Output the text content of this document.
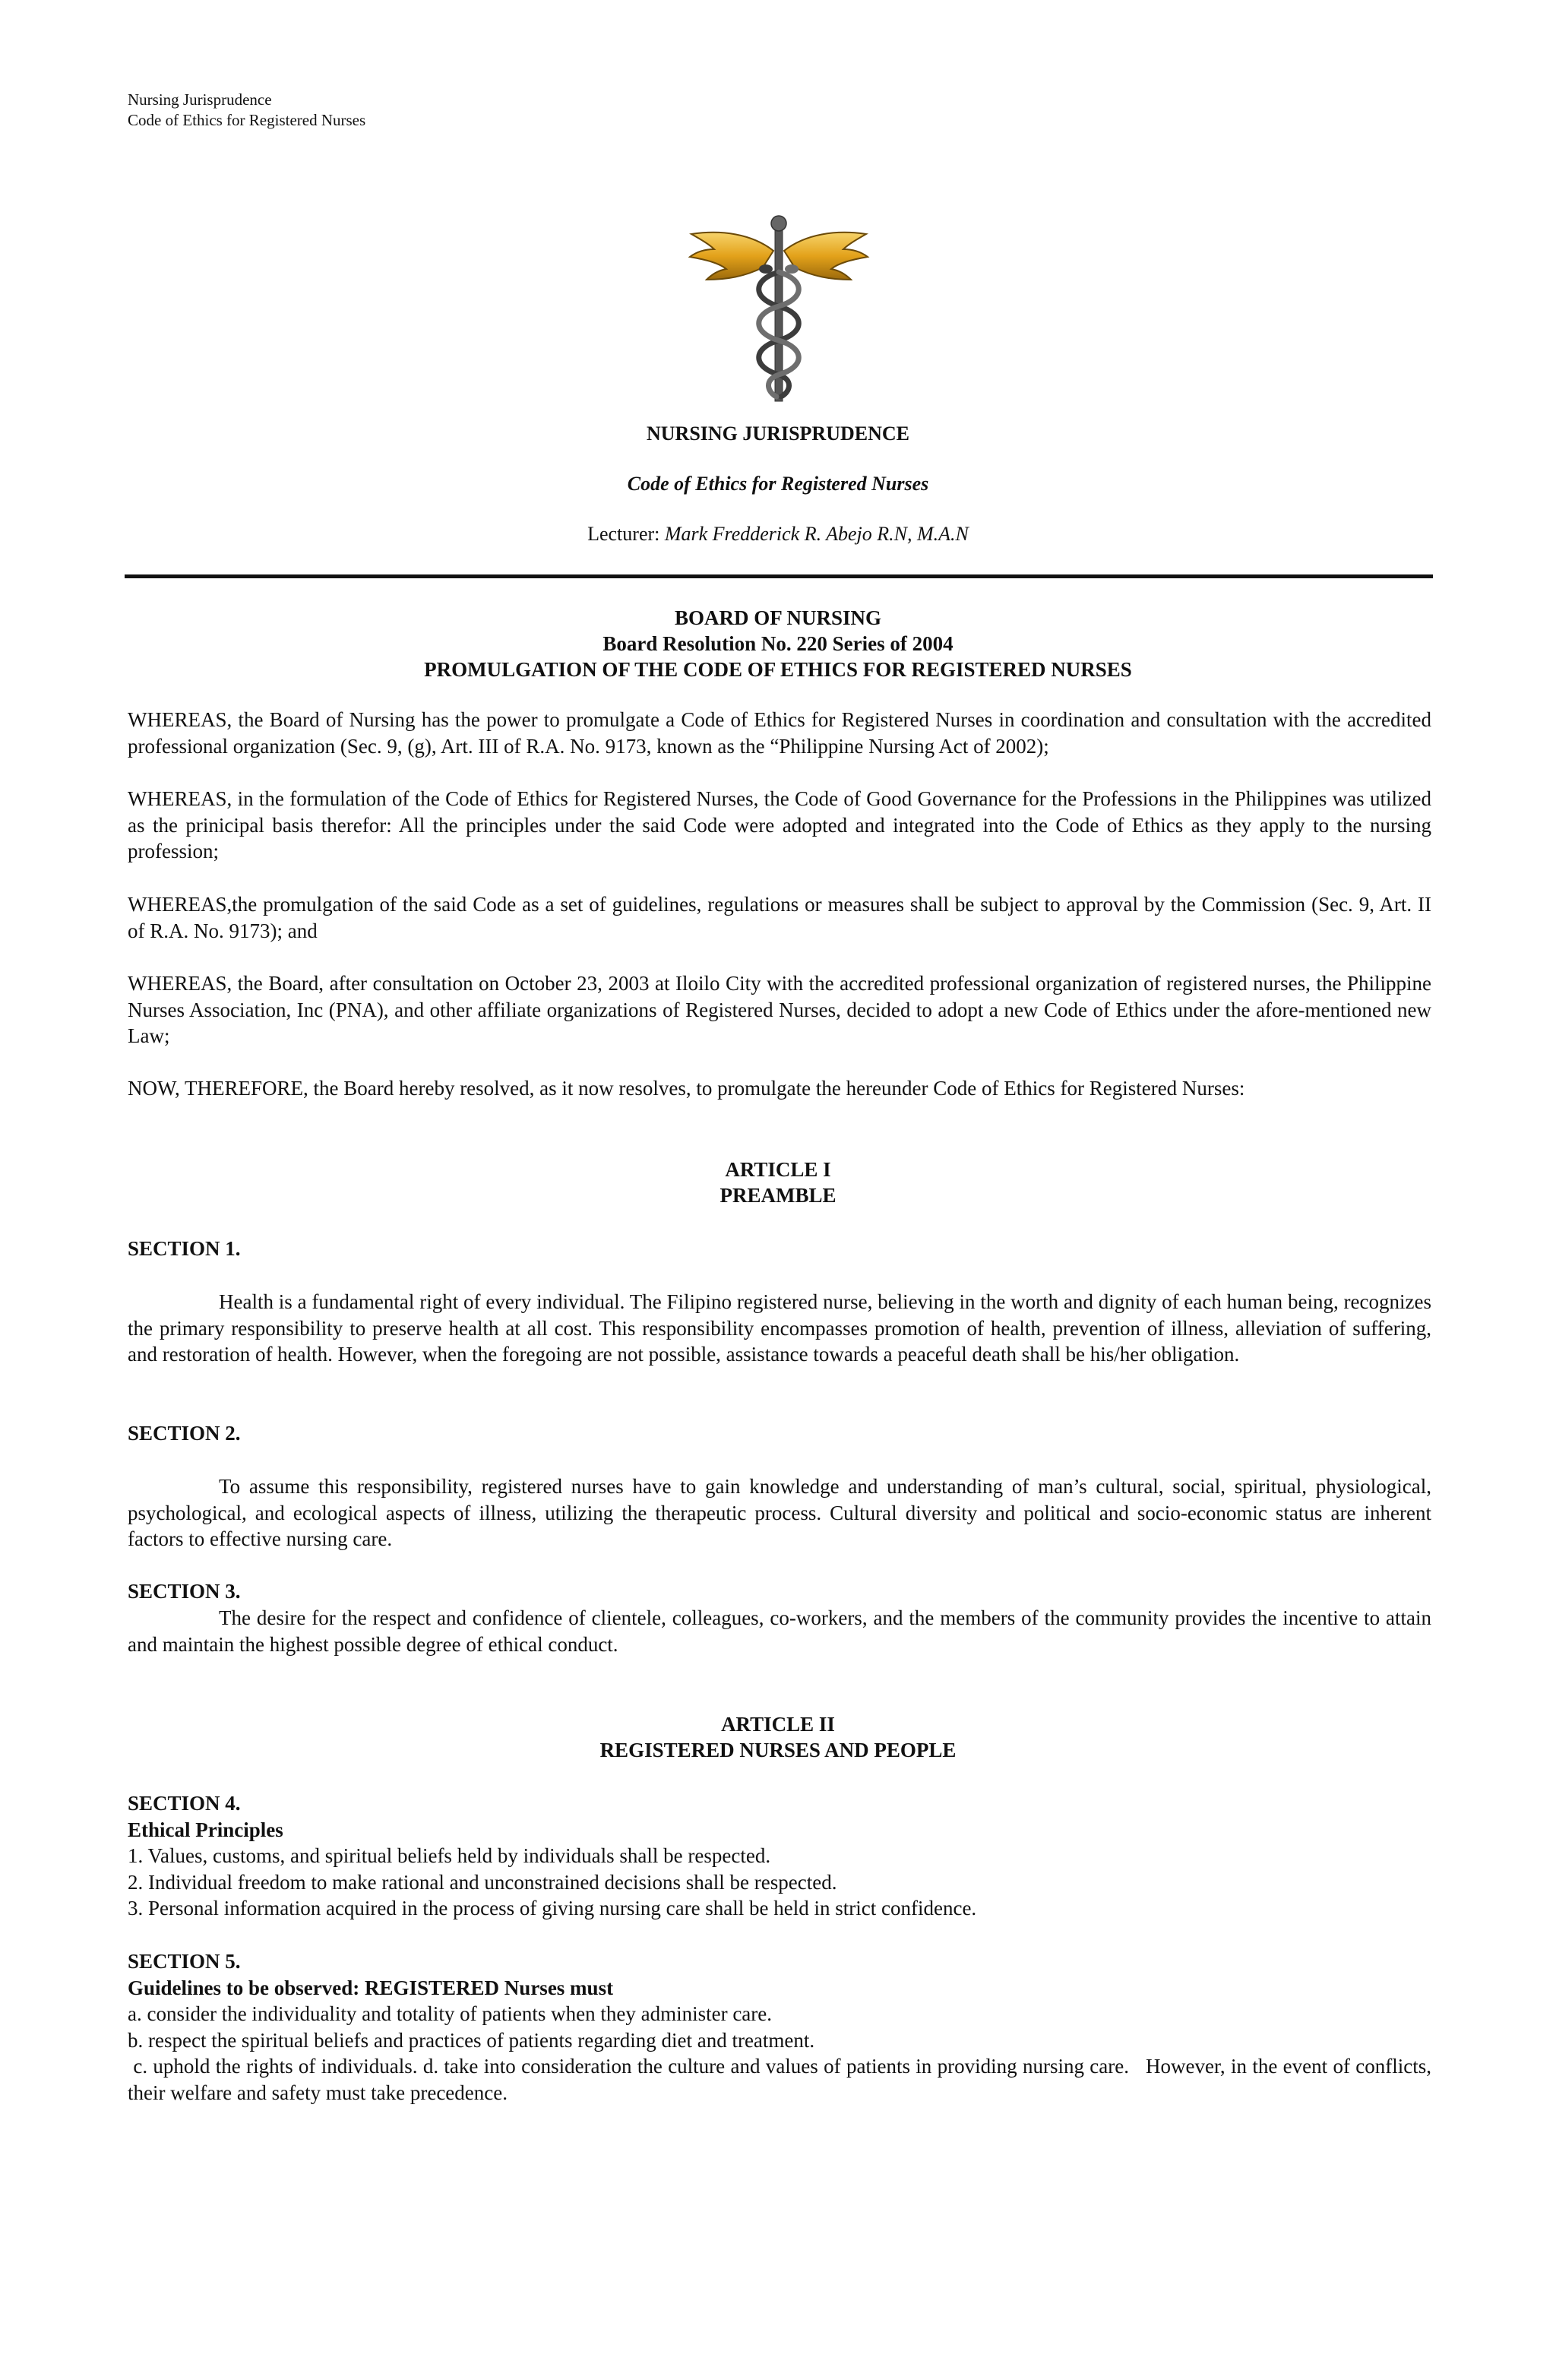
Nursing Jurisprudence
Code of Ethics for Registered Nurses
NURSING JURISPRUDENCE
Code of Ethics for Registered Nurses
Lecturer: Mark Fredderick R. Abejo R.N, M.A.N
BOARD OF NURSING
Board Resolution No. 220 Series of 2004
PROMULGATION OF THE CODE OF ETHICS FOR REGISTERED NURSES
WHEREAS, the Board of Nursing has the power to promulgate a Code of Ethics for Registered Nurses in coordination and consultation with the accredited professional organization (Sec. 9, (g), Art. III of R.A. No. 9173, known as the “Philippine Nursing Act of 2002);
WHEREAS, in the formulation of the Code of Ethics for Registered Nurses, the Code of Good Governance for the Professions in the Philippines was utilized as the prinicipal basis therefor: All the principles under the said Code were adopted and integrated into the Code of Ethics as they apply to the nursing profession;
WHEREAS,the promulgation of the said Code as a set of guidelines, regulations or measures shall be subject to approval by the Commission (Sec. 9, Art. II of R.A. No. 9173); and
WHEREAS, the Board, after consultation on October 23, 2003 at Iloilo City with the accredited professional organization of registered nurses, the Philippine Nurses Association, Inc (PNA), and other affiliate organizations of Registered Nurses, decided to adopt a new Code of Ethics under the afore-mentioned new Law;
NOW, THEREFORE, the Board hereby resolved, as it now resolves, to promulgate the hereunder Code of Ethics for Registered Nurses:
ARTICLE I
PREAMBLE
SECTION 1.
Health is a fundamental right of every individual. The Filipino registered nurse, believing in the worth and dignity of each human being, recognizes the primary responsibility to preserve health at all cost. This responsibility encompasses promotion of health, prevention of illness, alleviation of suffering, and restoration of health. However, when the foregoing are not possible, assistance towards a peaceful death shall be his/her obligation.
SECTION 2.
To assume this responsibility, registered nurses have to gain knowledge and understanding of man’s cultural, social, spiritual, physiological, psychological, and ecological aspects of illness, utilizing the therapeutic process. Cultural diversity and political and socio-economic status are inherent factors to effective nursing care.
SECTION 3.
The desire for the respect and confidence of clientele, colleagues, co-workers, and the members of the community provides the incentive to attain and maintain the highest possible degree of ethical conduct.
ARTICLE II
REGISTERED NURSES AND PEOPLE
SECTION 4.
Ethical Principles
1. Values, customs, and spiritual beliefs held by individuals shall be respected.
2. Individual freedom to make rational and unconstrained decisions shall be respected.
3. Personal information acquired in the process of giving nursing care shall be held in strict confidence.
SECTION 5.
Guidelines to be observed: REGISTERED Nurses must
a. consider the individuality and totality of patients when they administer care.
b. respect the spiritual beliefs and practices of patients regarding diet and treatment.
c. uphold the rights of individuals. d. take into consideration the culture and values of patients in providing nursing care.   However, in the event of conflicts, their welfare and safety must take precedence.
